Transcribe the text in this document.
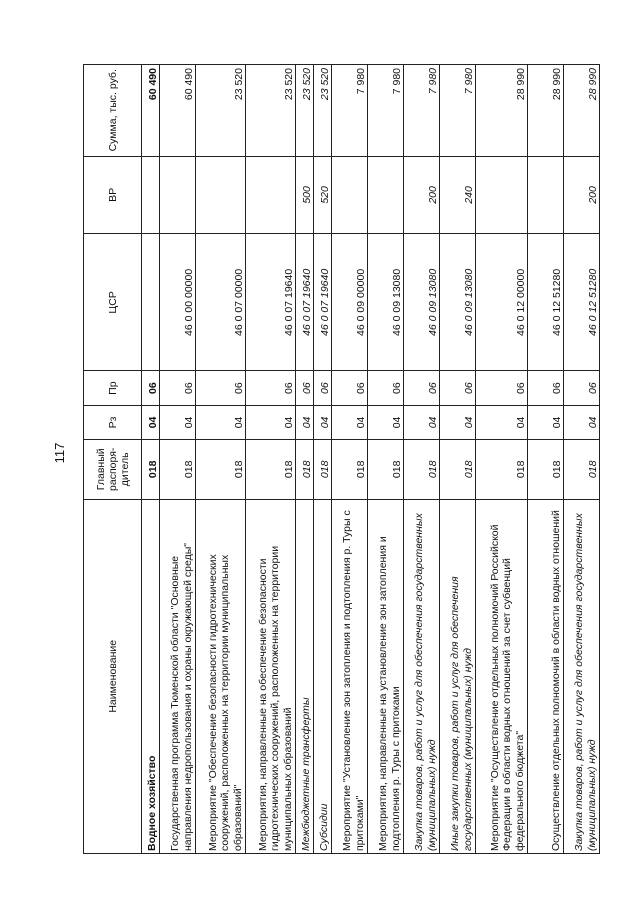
117
Наименование	Главный распоря- дитель	Рз	Пр	ЦСР	ВР	Сумма, тыс. руб.
Водное хозяйство	018	04	06			60 490
Государственная программа Тюменской области "Основные направления недропользования и охраны окружающей среды"	018	04	06	46 0 00 00000		60 490
Мероприятие "Обеспечение безопасности гидротехнических сооружений, расположенных на территории муниципальных образований"	018	04	06	46 0 07 00000		23 520
Мероприятия, направленные на обеспечение безопасности гидротехнических сооружений, расположенных на территории муниципальных образований	018	04	06	46 0 07 19640		23 520
Межбюджетные трансферты	018	04	06	46 0 07 19640	500	23 520
Субсидии	018	04	06	46 0 07 19640	520	23 520
Мероприятие "Установление зон затопления и подтопления р. Туры с притоками"	018	04	06	46 0 09 00000		7 980
Мероприятия, направленные на установление зон затопления и подтопления р. Туры с притоками	018	04	06	46 0 09 13080		7 980
Закупка товаров, работ и услуг для обеспечения государственных (муниципальных) нужд	018	04	06	46 0 09 13080	200	7 980
Иные закупки товаров, работ и услуг для обеспечения государственных (муниципальных) нужд	018	04	06	46 0 09 13080	240	7 980
Мероприятие "Осуществление отдельных полномочий Российской Федерации в области водных отношений за счет субвенций федерального бюджета"	018	04	06	46 0 12 00000		28 990
Осуществление отдельных полномочий в области водных отношений	018	04	06	46 0 12 51280		28 990
Закупка товаров, работ и услуг для обеспечения государственных (муниципальных) нужд	018	04	06	46 0 12 51280	200	28 990
